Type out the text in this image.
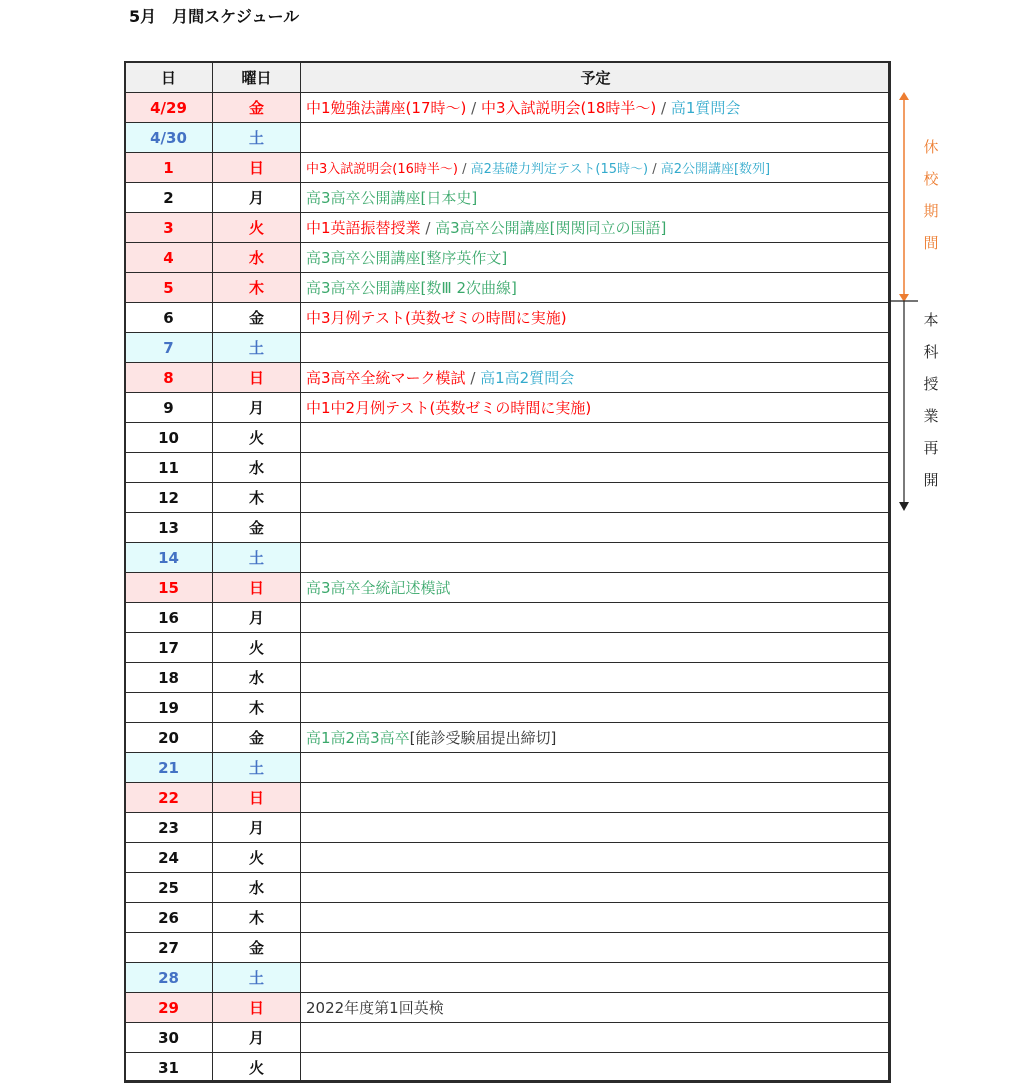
5月　月間スケジュール
日	曜日	予定
4/29	金	中1勉強法講座(17時〜) / 中3入試説明会(18時半〜) / 高1質問会
4/30	土	
1	日	中3入試説明会(16時半〜) / 高2基礎力判定テスト(15時〜) / 高2公開講座[数列]
2	月	高3高卒公開講座[日本史]
3	火	中1英語振替授業 / 高3高卒公開講座[関関同立の国語]
4	水	高3高卒公開講座[整序英作文]
5	木	高3高卒公開講座[数Ⅲ 2次曲線]
6	金	中3月例テスト(英数ゼミの時間に実施)
7	土	
8	日	高3高卒全統マーク模試 / 高1高2質問会
9	月	中1中2月例テスト(英数ゼミの時間に実施)
10	火	
11	水	
12	木	
13	金	
14	土	
15	日	高3高卒全統記述模試
16	月	
17	火	
18	水	
19	木	
20	金	高1高2高3高卒[能診受験届提出締切]
21	土	
22	日	
23	月	
24	火	
25	水	
26	木	
27	金	
28	土	
29	日	2022年度第1回英検
30	月	
31	火	
休
校
期
間
本
科
授
業
再
開
